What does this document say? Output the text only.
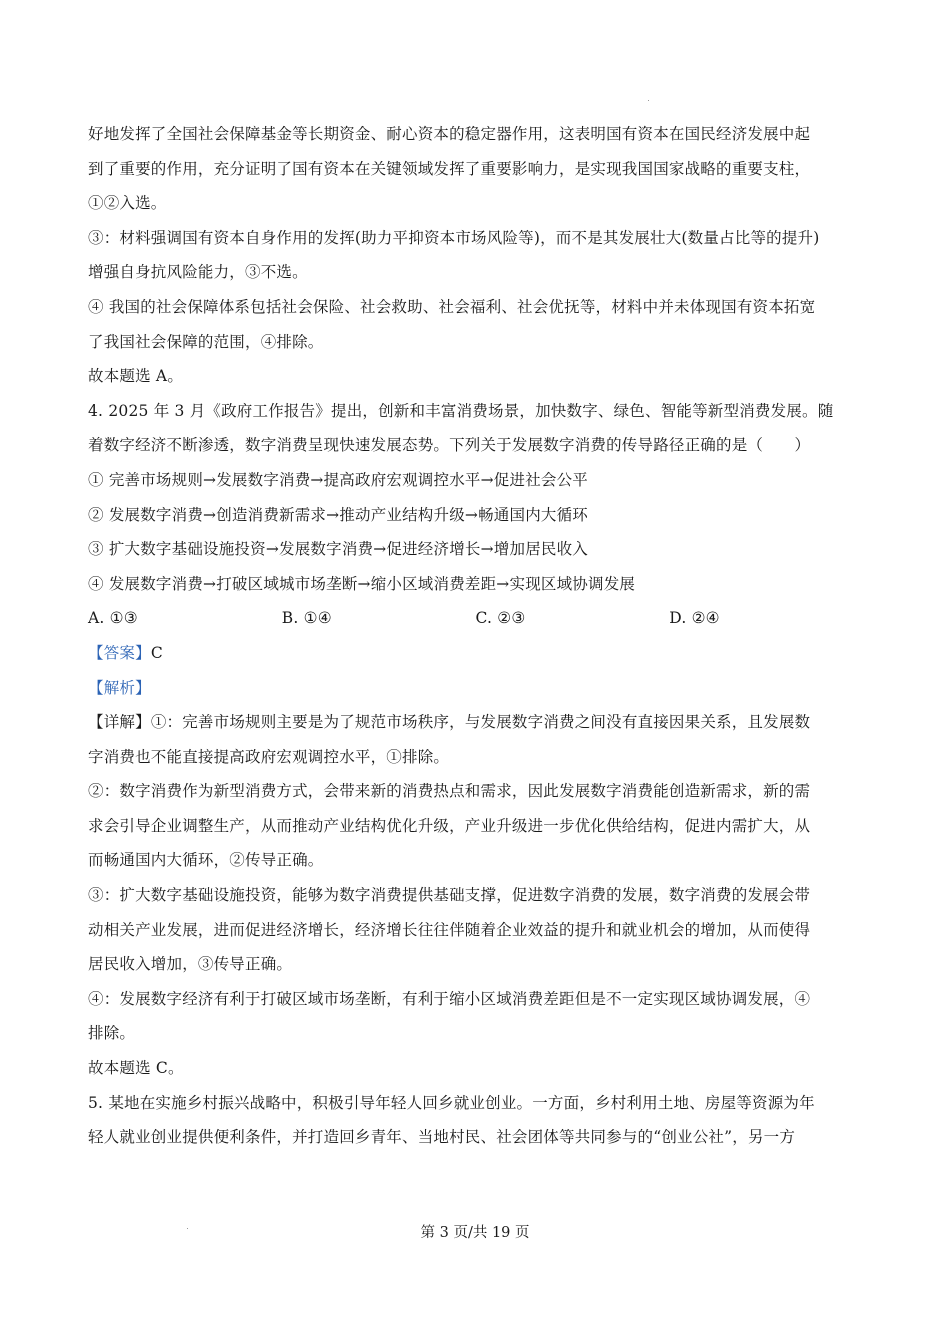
好地发挥了全国社会保障基金等长期资金、耐心资本的稳定器作用，这表明国有资本在国民经济发展中起
到了重要的作用，充分证明了国有资本在关键领域发挥了重要影响力，是实现我国国家战略的重要支柱，
①②入选。
③：材料强调国有资本自身作用的发挥(助力平抑资本市场风险等)，而不是其发展壮大(数量占比等的提升)
增强自身抗风险能力，③不选。
④ 我国的社会保障体系包括社会保险、社会救助、社会福利、社会优抚等，材料中并未体现国有资本拓宽
了我国社会保障的范围，④排除。
故本题选 A。
4. 2025 年 3 月《政府工作报告》提出，创新和丰富消费场景，加快数字、绿色、智能等新型消费发展。随
着数字经济不断渗透，数字消费呈现快速发展态势。下列关于发展数字消费的传导路径正确的是（　　）
① 完善市场规则→发展数字消费→提高政府宏观调控水平→促进社会公平
② 发展数字消费→创造消费新需求→推动产业结构升级→畅通国内大循环
③ 扩大数字基础设施投资→发展数字消费→促进经济增长→增加居民收入
④ 发展数字消费→打破区域城市场垄断→缩小区域消费差距→实现区域协调发展
A. ①③	B. ①④	C. ②③	D. ②④
【答案】C
【解析】
【详解】①：完善市场规则主要是为了规范市场秩序，与发展数字消费之间没有直接因果关系，且发展数
字消费也不能直接提高政府宏观调控水平，①排除。
②：数字消费作为新型消费方式，会带来新的消费热点和需求，因此发展数字消费能创造新需求，新的需
求会引导企业调整生产，从而推动产业结构优化升级，产业升级进一步优化供给结构，促进内需扩大，从
而畅通国内大循环，②传导正确。
③：扩大数字基础设施投资，能够为数字消费提供基础支撑，促进数字消费的发展，数字消费的发展会带
动相关产业发展，进而促进经济增长，经济增长往往伴随着企业效益的提升和就业机会的增加，从而使得
居民收入增加，③传导正确。
④：发展数字经济有利于打破区域市场垄断，有利于缩小区域消费差距但是不一定实现区域协调发展，④
排除。
故本题选 C。
5. 某地在实施乡村振兴战略中，积极引导年轻人回乡就业创业。一方面，乡村利用土地、房屋等资源为年
轻人就业创业提供便利条件，并打造回乡青年、当地村民、社会团体等共同参与的“创业公社”，另一方
第 3 页/共 19 页
